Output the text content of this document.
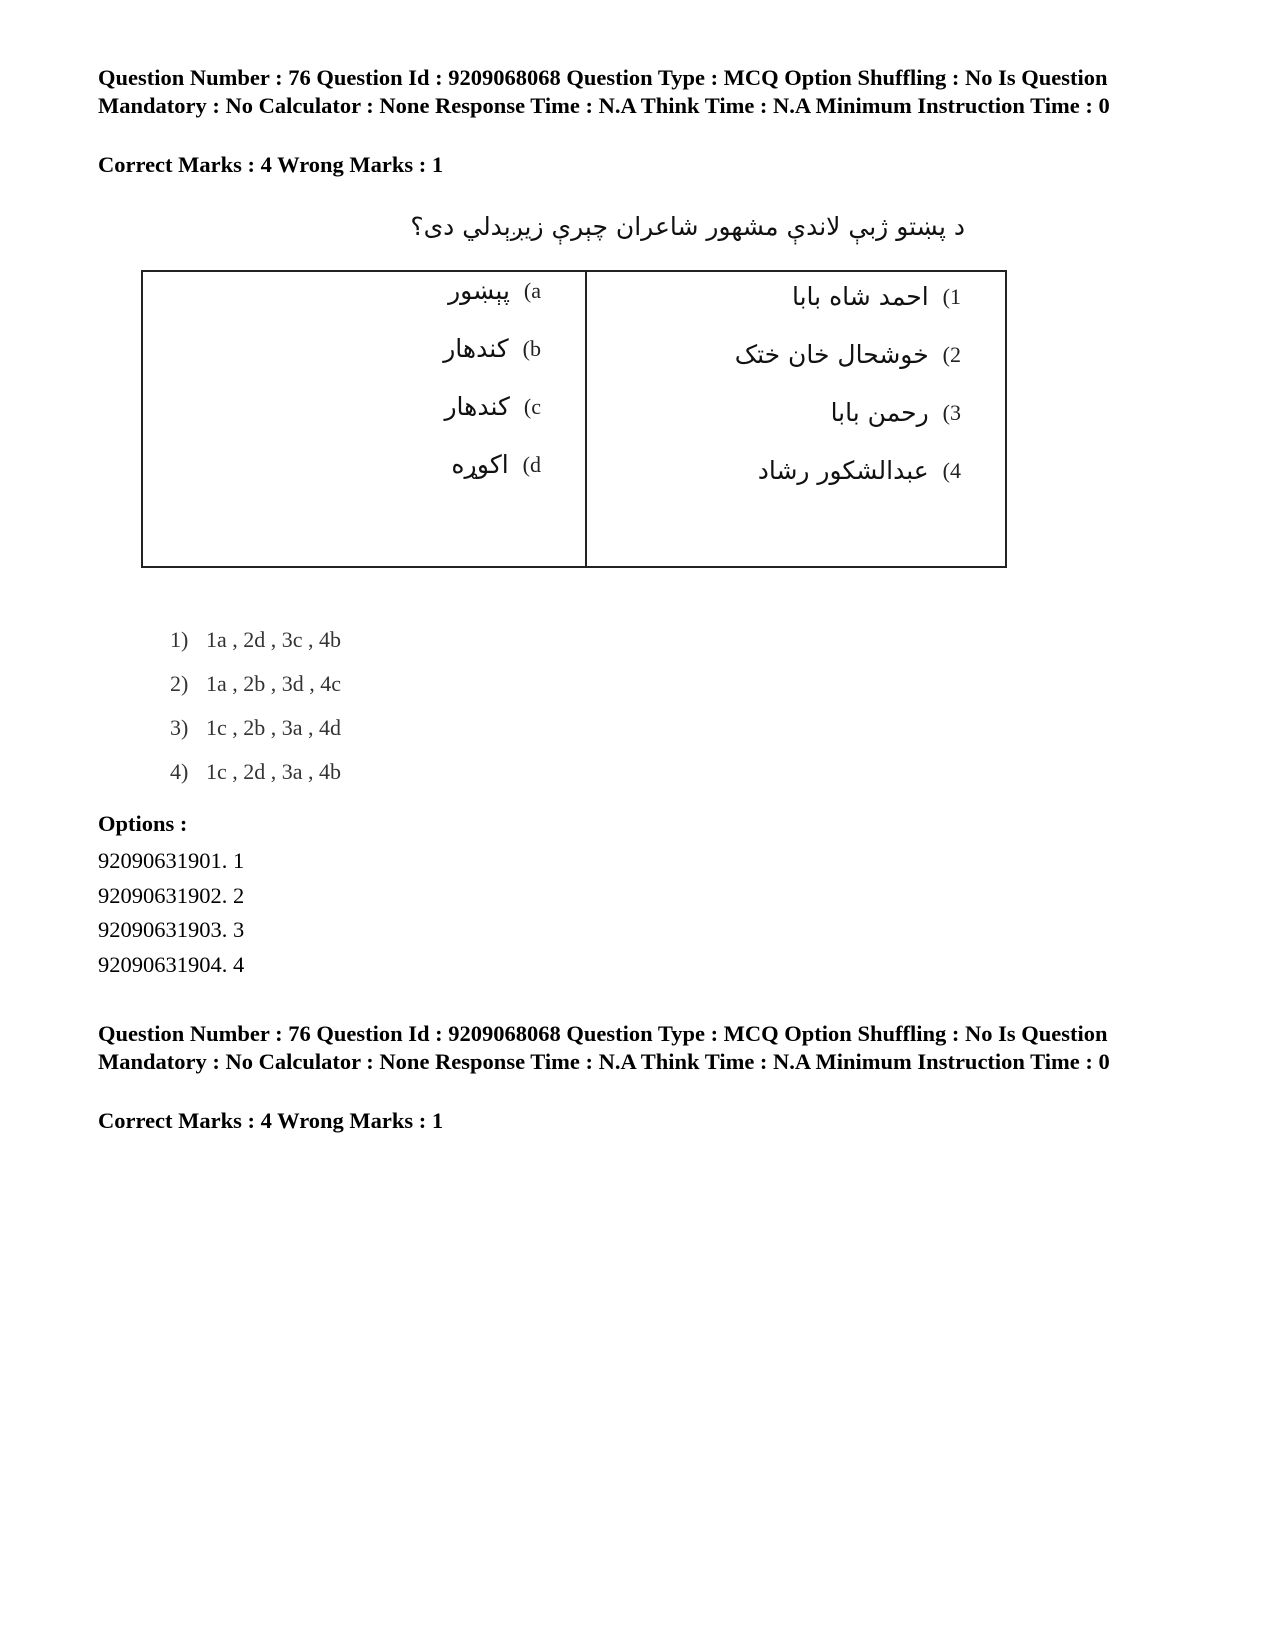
Question Number : 76 Question Id : 9209068068 Question Type : MCQ Option Shuffling : No Is Question Mandatory : No Calculator : None Response Time : N.A Think Time : N.A Minimum Instruction Time : 0

Correct Marks : 4 Wrong Marks : 1

د پښتو ژبې لاندې مشهور شاعران چېرې زيږېدلي دی؟
a)
پېښور
b)
کندهار
c)
کندهار
d)
اکوړه
1)
احمد شاه بابا
2)
خوشحال خان ختک
3)
رحمن بابا
4)
عبدالشکور رشاد
1) 1a , 2d , 3c , 4b
2) 1a , 2b , 3d , 4c
3) 1c , 2b , 3a , 4d
4) 1c , 2d , 3a , 4b
Options :
92090631901. 1
92090631902. 2
92090631903. 3
92090631904. 4

Question Number : 76 Question Id : 9209068068 Question Type : MCQ Option Shuffling : No Is Question Mandatory : No Calculator : None Response Time : N.A Think Time : N.A Minimum Instruction Time : 0

Correct Marks : 4 Wrong Marks : 1
